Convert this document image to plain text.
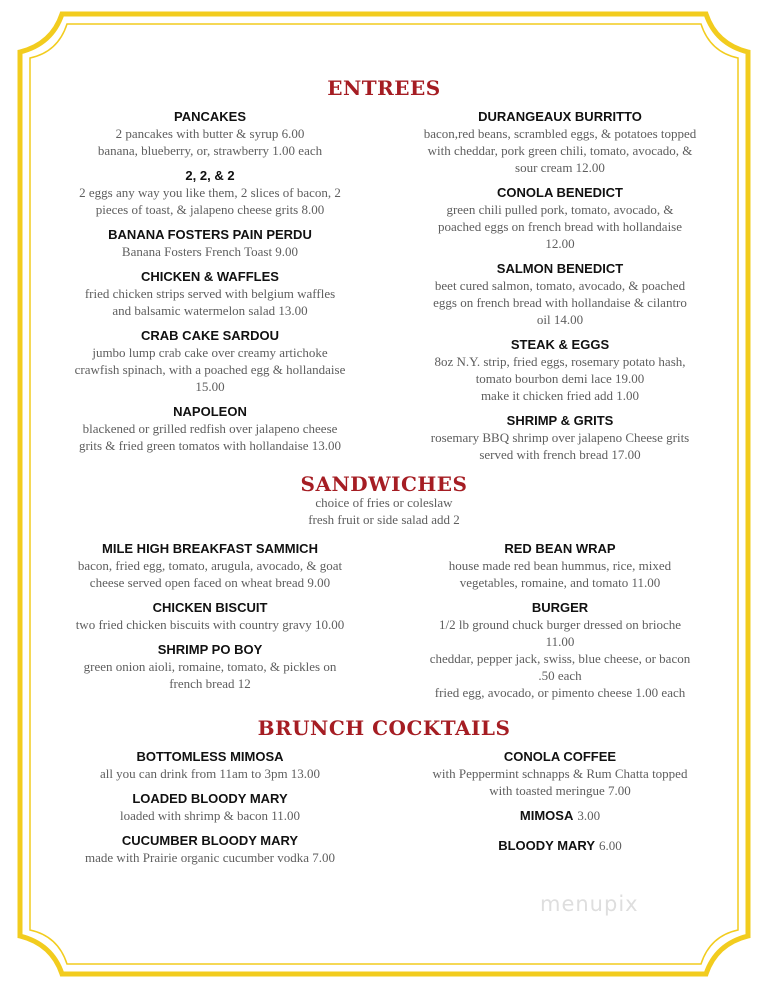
ENTREES
PANCAKES
2 pancakes with butter & syrup 6.00
banana, blueberry, or, strawberry 1.00 each
2, 2, & 2
2 eggs any way you like them, 2 slices of bacon, 2
pieces of toast, & jalapeno cheese grits 8.00
BANANA FOSTERS PAIN PERDU
Banana Fosters French Toast 9.00
CHICKEN & WAFFLES
fried chicken strips served with belgium waffles
and balsamic watermelon salad 13.00
CRAB CAKE SARDOU
jumbo lump crab cake over creamy artichoke
crawfish spinach, with a poached egg & hollandaise
15.00
NAPOLEON
blackened or grilled redfish over jalapeno cheese
grits & fried green tomatos with hollandaise 13.00
DURANGEAUX BURRITTO
bacon,red beans, scrambled eggs, & potatoes topped
with cheddar, pork green chili, tomato, avocado, &
sour cream 12.00
CONOLA BENEDICT
green chili pulled pork, tomato, avocado, &
poached eggs on french bread with hollandaise
12.00
SALMON BENEDICT
beet cured salmon, tomato, avocado, & poached
eggs on french bread with hollandaise & cilantro
oil 14.00
STEAK & EGGS
8oz N.Y. strip, fried eggs, rosemary potato hash,
tomato bourbon demi lace 19.00
make it chicken fried add 1.00
SHRIMP & GRITS
rosemary BBQ shrimp over jalapeno Cheese grits
served with french bread 17.00
SANDWICHES
choice of fries or coleslaw
fresh fruit or side salad add 2
MILE HIGH BREAKFAST SAMMICH
bacon, fried egg, tomato, arugula, avocado, & goat
cheese served open faced on wheat bread 9.00
CHICKEN BISCUIT
two fried chicken biscuits with country gravy 10.00
SHRIMP PO BOY
green onion aioli, romaine, tomato, & pickles on
french bread 12
RED BEAN WRAP
house made red bean hummus, rice, mixed
vegetables, romaine, and tomato 11.00
BURGER
1/2 lb ground chuck burger dressed on brioche
11.00
cheddar, pepper jack, swiss, blue cheese, or bacon
.50 each
fried egg, avocado, or pimento cheese 1.00 each
BRUNCH COCKTAILS
BOTTOMLESS MIMOSA
all you can drink from 11am to 3pm 13.00
LOADED BLOODY MARY
loaded with shrimp & bacon 11.00
CUCUMBER BLOODY MARY
made with Prairie organic cucumber vodka 7.00
CONOLA COFFEE
with Peppermint schnapps & Rum Chatta topped
with toasted meringue 7.00
MIMOSA 3.00
BLOODY MARY 6.00
menupix
